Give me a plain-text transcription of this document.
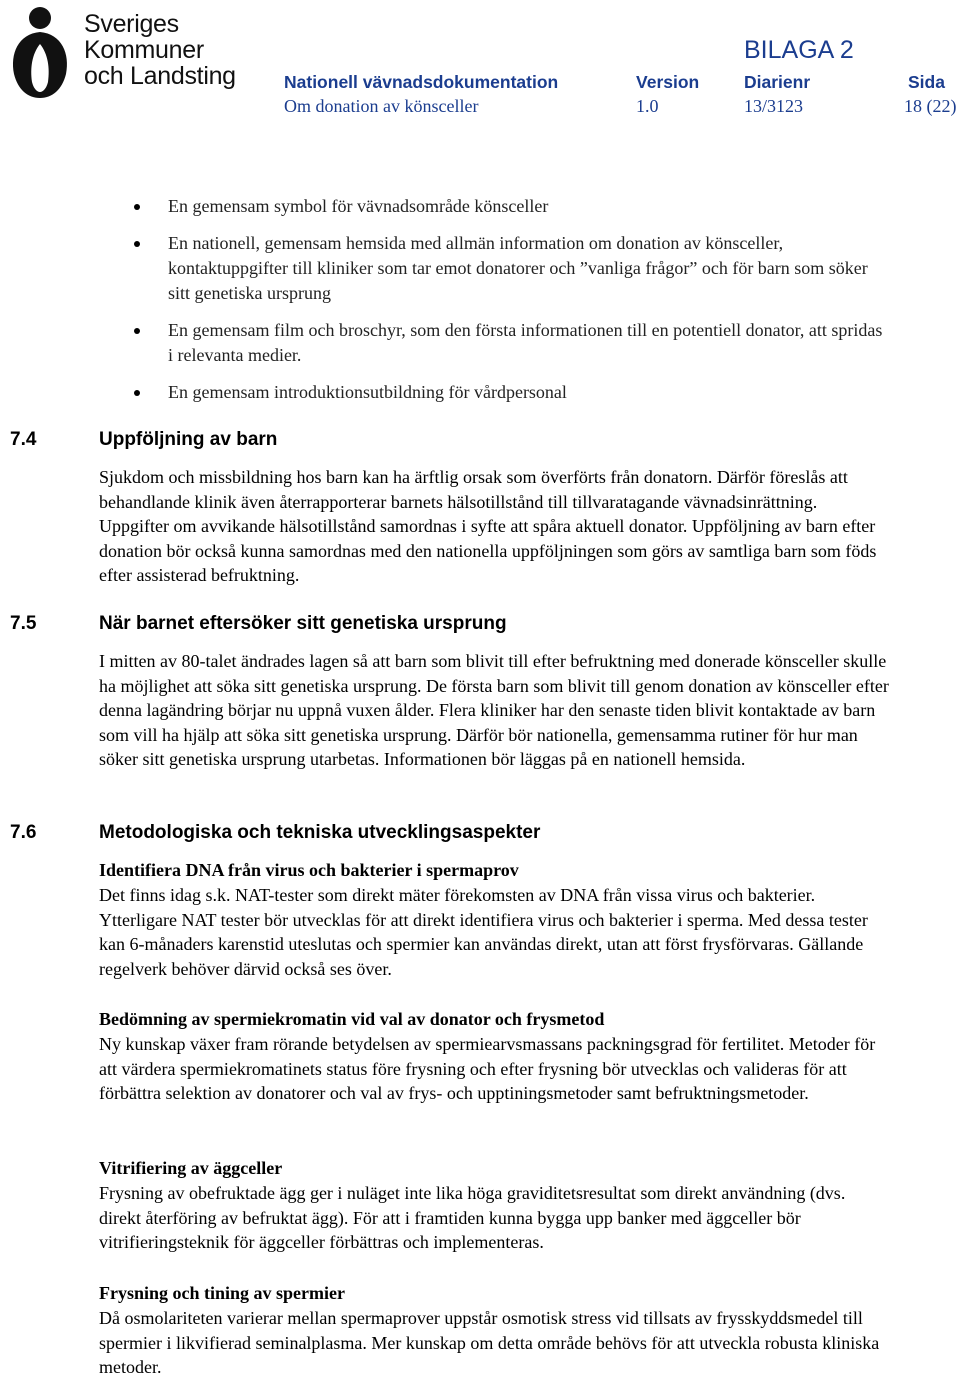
Sveriges
Kommuner
och Landsting
BILAGA 2
Nationell vävnadsdokumentation
Om donation av könsceller
Version
1.0
Diarienr
13/3123
Sida
18 (22)

En gemensam symbol för vävnadsområde könsceller

En nationell, gemensam hemsida med allmän information om donation av könsceller, kontaktuppgifter till kliniker som tar emot donatorer och ”vanliga frågor” och för barn som söker sitt genetiska ursprung

En gemensam film och broschyr, som den första informationen till en potentiell donator, att spridas i relevanta medier.

En gemensam introduktionsutbildning för vårdpersonal

7.4	Uppföljning av barn

Sjukdom och missbildning hos barn kan ha ärftlig orsak som överförts från donatorn. Därför föreslås att behandlande klinik även återrapporterar barnets hälsotillstånd till tillvaratagande vävnadsinrättning. Uppgifter om avvikande hälsotillstånd samordnas i syfte att spåra aktuell donator. Uppföljning av barn efter donation bör också kunna samordnas med den nationella uppföljningen som görs av samtliga barn som föds efter assisterad befruktning.

7.5	När barnet eftersöker sitt genetiska ursprung

I mitten av 80-talet ändrades lagen så att barn som blivit till efter befruktning med donerade könsceller skulle ha möjlighet att söka sitt genetiska ursprung. De första barn som blivit till genom donation av könsceller efter denna lagändring börjar nu uppnå vuxen ålder. Flera kliniker har den senaste tiden blivit kontaktade av barn som vill ha hjälp att söka sitt genetiska ursprung. Därför bör nationella, gemensamma rutiner för hur man söker sitt genetiska ursprung utarbetas. Informationen bör läggas på en nationell hemsida.

7.6	Metodologiska och tekniska utvecklingsaspekter
Identifiera DNA från virus och bakterier i spermaprov

Det finns idag s.k. NAT-tester som direkt mäter förekomsten av DNA från vissa virus och bakterier. Ytterligare NAT tester bör utvecklas för att direkt identifiera virus och bakterier i sperma. Med dessa tester kan 6-månaders karenstid uteslutas och spermier kan användas direkt, utan att först frysförvaras. Gällande regelverk behöver därvid också ses över.

Bedömning av spermiekromatin vid val av donator och frysmetod

Ny kunskap växer fram rörande betydelsen av spermiearvsmassans packningsgrad för fertilitet. Metoder för att värdera spermiekromatinets status före frysning och efter frysning bör utvecklas och valideras för att förbättra selektion av donatorer och val av frys- och upptiningsmetoder samt befruktningsmetoder.

Vitrifiering av äggceller

Frysning av obefruktade ägg ger i nuläget inte lika höga graviditetsresultat som direkt användning (dvs. direkt återföring av befruktat ägg). För att i framtiden kunna bygga upp banker med äggceller bör vitrifieringsteknik för äggceller förbättras och implementeras.

Frysning och tining av spermier

Då osmolariteten varierar mellan spermaprover uppstår osmotisk stress vid tillsats av frysskyddsmedel till spermier i likvifierad seminalplasma. Mer kunskap om detta område behövs för att utveckla robusta kliniska metoder.
